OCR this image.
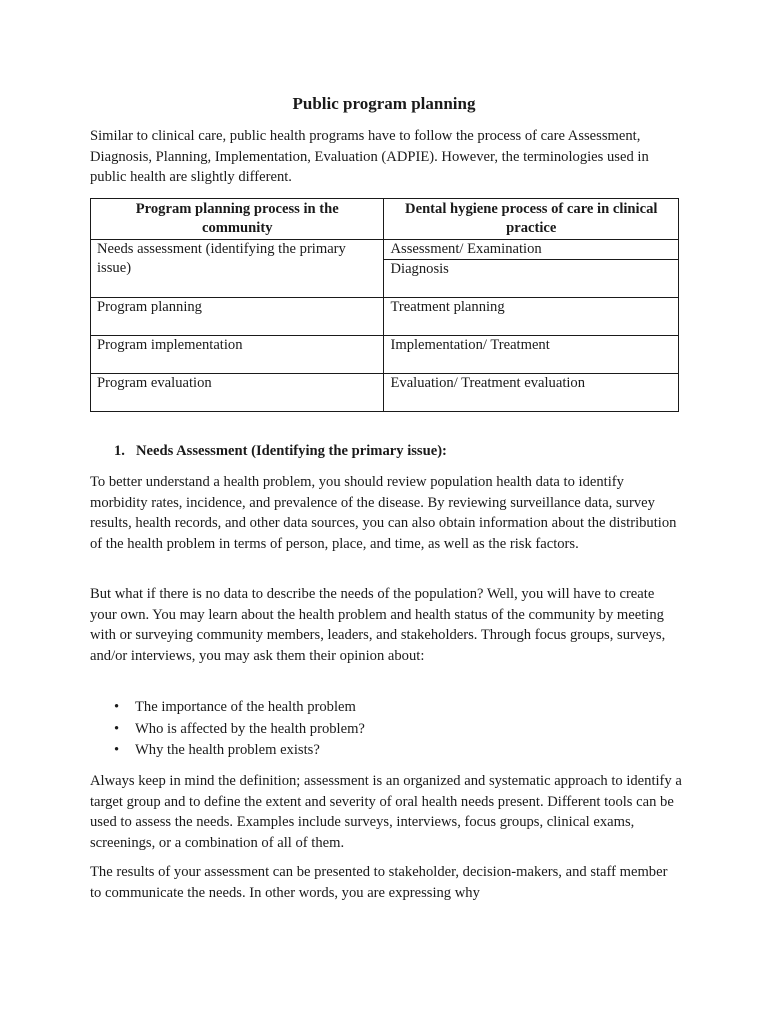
Public program planning

Similar to clinical care, public health programs have to follow the process of care Assessment, Diagnosis, Planning, Implementation, Evaluation (ADPIE). However, the terminologies used in public health are slightly different.

Program planning process in the community	Dental hygiene process of care in clinical practice
Needs assessment (identifying the primary issue)	Assessment/ Examination
	Diagnosis
Program planning	Treatment planning
Program implementation	Implementation/ Treatment
Program evaluation	Evaluation/ Treatment evaluation
1. Needs Assessment (Identifying the primary issue):

To better understand a health problem, you should review population health data to identify morbidity rates, incidence, and prevalence of the disease. By reviewing surveillance data, survey results, health records, and other data sources, you can also obtain information about the distribution of the health problem in terms of person, place, and time, as well as the risk factors.

But what if there is no data to describe the needs of the population? Well, you will have to create your own. You may learn about the health problem and health status of the community by meeting with or surveying community members, leaders, and stakeholders. Through focus groups, surveys, and/or interviews, you may ask them their opinion about:

• The importance of the health problem
• Who is affected by the health problem?
• Why the health problem exists?

Always keep in mind the definition; assessment is an organized and systematic approach to identify a target group and to define the extent and severity of oral health needs present. Different tools can be used to assess the needs. Examples include surveys, interviews, focus groups, clinical exams, screenings, or a combination of all of them.

The results of your assessment can be presented to stakeholder, decision-makers, and staff member to communicate the needs. In other words, you are expressing why
